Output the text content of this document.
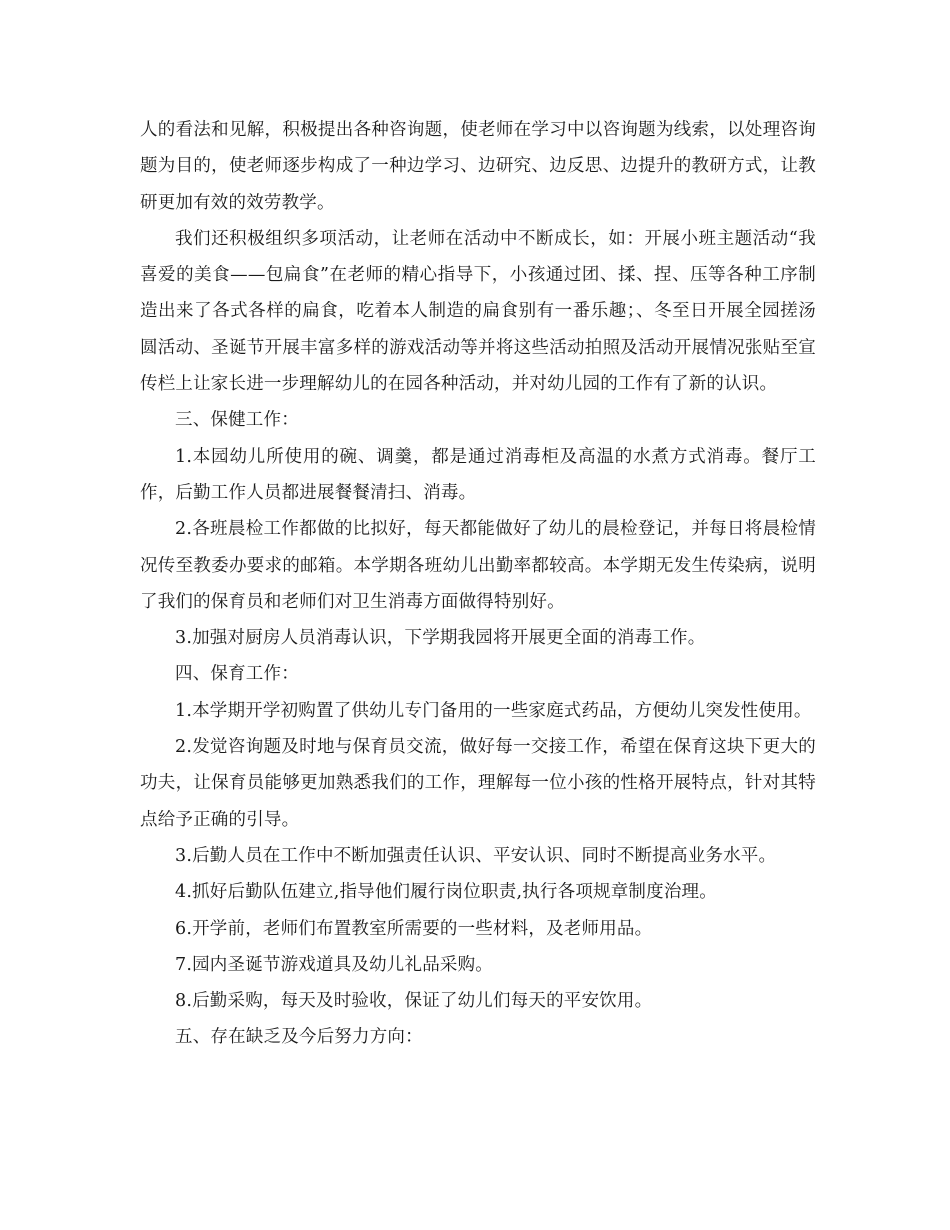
人的看法和见解，积极提出各种咨询题，使老师在学习中以咨询题为线索，以处理咨询题为目的，使老师逐步构成了一种边学习、边研究、边反思、边提升的教研方式，让教研更加有效的效劳教学。

我们还积极组织多项活动，让老师在活动中不断成长，如：开展小班主题活动“我喜爱的美食——包扁食”在老师的精心指导下，小孩通过团、揉、捏、压等各种工序制造出来了各式各样的扁食，吃着本人制造的扁食别有一番乐趣；、冬至日开展全园搓汤圆活动、圣诞节开展丰富多样的游戏活动等并将这些活动拍照及活动开展情况张贴至宣传栏上让家长进一步理解幼儿的在园各种活动，并对幼儿园的工作有了新的认识。

三、保健工作：

1.本园幼儿所使用的碗、调羹，都是通过消毒柜及高温的水煮方式消毒。餐厅工作，后勤工作人员都进展餐餐清扫、消毒。

2.各班晨检工作都做的比拟好，每天都能做好了幼儿的晨检登记，并每日将晨检情况传至教委办要求的邮箱。本学期各班幼儿出勤率都较高。本学期无发生传染病，说明了我们的保育员和老师们对卫生消毒方面做得特别好。

3.加强对厨房人员消毒认识，下学期我园将开展更全面的消毒工作。

四、保育工作：

1.本学期开学初购置了供幼儿专门备用的一些家庭式药品，方便幼儿突发性使用。

2.发觉咨询题及时地与保育员交流，做好每一交接工作，希望在保育这块下更大的功夫，让保育员能够更加熟悉我们的工作，理解每一位小孩的性格开展特点，针对其特点给予正确的引导。

3.后勤人员在工作中不断加强责任认识、平安认识、同时不断提高业务水平。

4.抓好后勤队伍建立,指导他们履行岗位职责,执行各项规章制度治理。

6.开学前，老师们布置教室所需要的一些材料，及老师用品。

7.园内圣诞节游戏道具及幼儿礼品采购。

8.后勤采购，每天及时验收，保证了幼儿们每天的平安饮用。

五、存在缺乏及今后努力方向：
